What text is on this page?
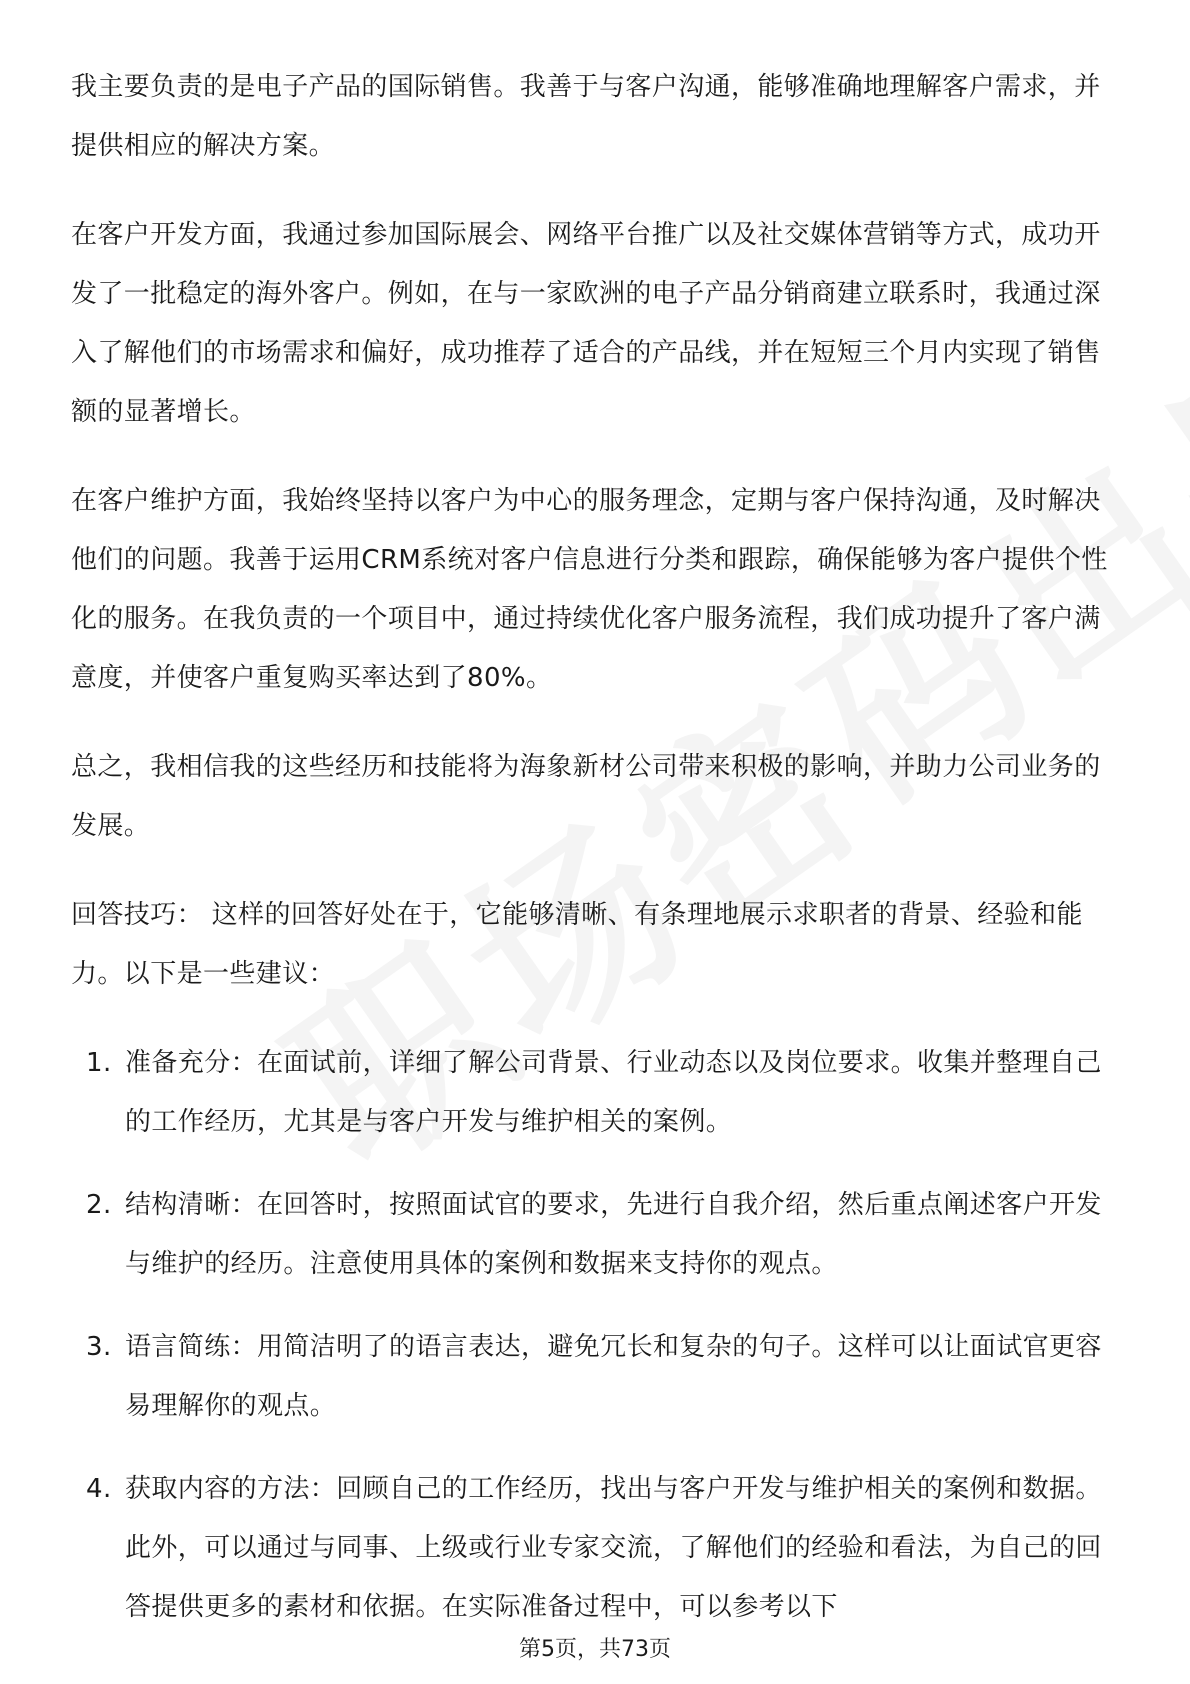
我主要负责的是电子产品的国际销售。我善于与客户沟通，能够准确地理解客户需求，并提供相应的解决方案。

在客户开发方面，我通过参加国际展会、网络平台推广以及社交媒体营销等方式，成功开发了一批稳定的海外客户。例如，在与一家欧洲的电子产品分销商建立联系时，我通过深入了解他们的市场需求和偏好，成功推荐了适合的产品线，并在短短三个月内实现了销售额的显著增长。

在客户维护方面，我始终坚持以客户为中心的服务理念，定期与客户保持沟通，及时解决他们的问题。我善于运用CRM系统对客户信息进行分类和跟踪，确保能够为客户提供个性化的服务。在我负责的一个项目中，通过持续优化客户服务流程，我们成功提升了客户满意度，并使客户重复购买率达到了80%。

总之，我相信我的这些经历和技能将为海象新材公司带来积极的影响，并助力公司业务的发展。

回答技巧： 这样的回答好处在于，它能够清晰、有条理地展示求职者的背景、经验和能力。以下是一些建议：

1. 准备充分：在面试前，详细了解公司背景、行业动态以及岗位要求。收集并整理自己的工作经历，尤其是与客户开发与维护相关的案例。
2. 结构清晰：在回答时，按照面试官的要求，先进行自我介绍，然后重点阐述客户开发与维护的经历。注意使用具体的案例和数据来支持你的观点。
3. 语言简练：用简洁明了的语言表达，避免冗长和复杂的句子。这样可以让面试官更容易理解你的观点。
4. 获取内容的方法：回顾自己的工作经历，找出与客户开发与维护相关的案例和数据。此外，可以通过与同事、上级或行业专家交流，了解他们的经验和看法，为自己的回答提供更多的素材和依据。在实际准备过程中，可以参考以下
第5页，共73页
